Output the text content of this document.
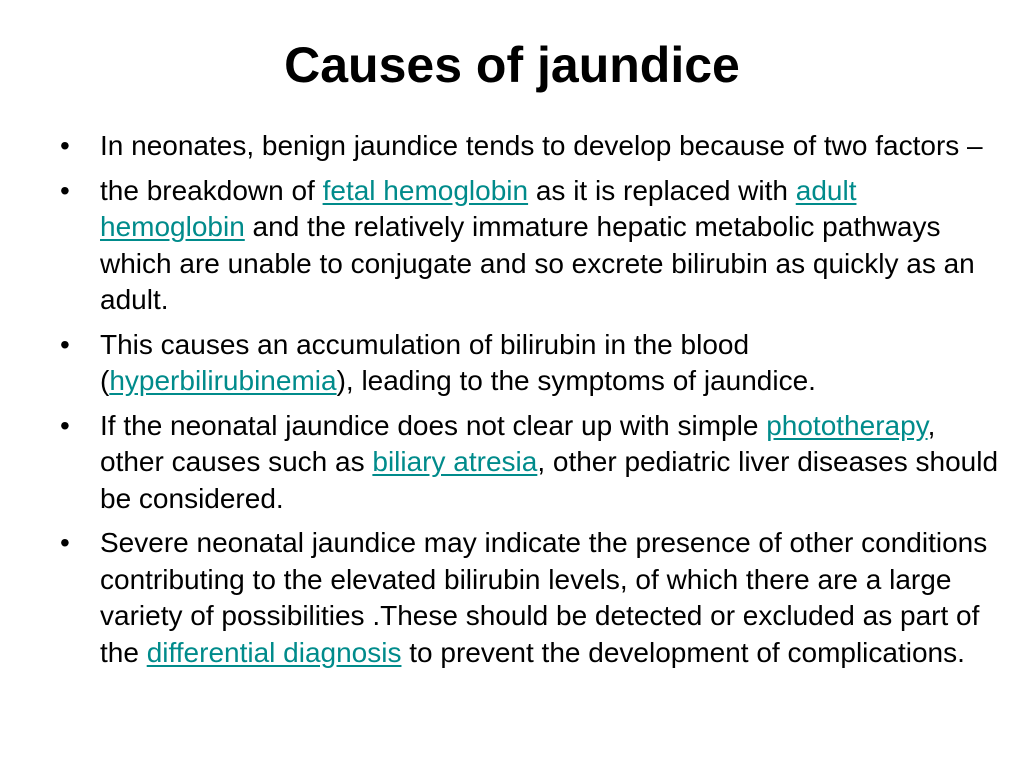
Causes of jaundice
•	In neonates, benign jaundice tends to develop because of two factors –
•	the breakdown of fetal hemoglobin as it is replaced with adult hemoglobin and the relatively immature hepatic metabolic pathways which are unable to conjugate and so excrete bilirubin as quickly as an adult.
•	This causes an accumulation of bilirubin in the blood (hyperbilirubinemia), leading to the symptoms of jaundice.
•	If the neonatal jaundice does not clear up with simple phototherapy, other causes such as biliary atresia, other pediatric liver diseases should be considered.
•	Severe neonatal jaundice may indicate the presence of other conditions contributing to the elevated bilirubin levels, of which there are a large variety of possibilities .These should be detected or excluded as part of the differential diagnosis to prevent the development of complications.
